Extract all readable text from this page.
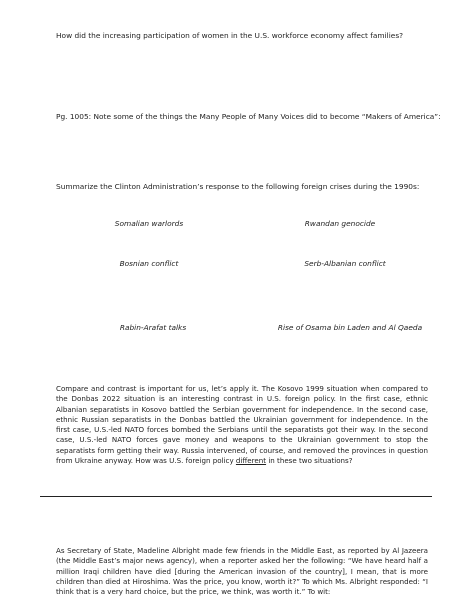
How did the increasing participation of women in the U.S. workforce economy affect families?
Pg. 1005: Note some of the things the Many People of Many Voices did to become “Makers of America”:
Summarize the Clinton Administration’s response to the following foreign crises during the 1990s:
Somalian warlords	Rwandan genocide
Bosnian conflict	Serb-Albanian conflict
Rabin-Arafat talks	Rise of Osama bin Laden and Al Qaeda
Compare and contrast is important for us, let’s apply it. The Kosovo 1999 situation when compared to the Donbas 2022 situation is an interesting contrast in U.S. foreign policy. In the first case, ethnic Albanian separatists in Kosovo battled the Serbian government for independence. In the second case, ethnic Russian separatists in the Donbas battled the Ukrainian government for independence. In the first case, U.S.-led NATO forces bombed the Serbians until the separatists got their way. In the second case, U.S.-led NATO forces gave money and weapons to the Ukrainian government to stop the separatists form getting their way. Russia intervened, of course, and removed the provinces in question from Ukraine anyway. How was U.S. foreign policy different in these two situations?
As Secretary of State, Madeline Albright made few friends in the Middle East, as reported by Al Jazeera (the Middle East’s major news agency), when a reporter asked her the following: “We have heard half a million Iraqi children have died [during the American invasion of the country], I mean, that is more children than died at Hiroshima. Was the price, you know, worth it?” To which Ms. Albright responded: “I think that is a very hard choice, but the price, we think, was worth it.” To wit:
